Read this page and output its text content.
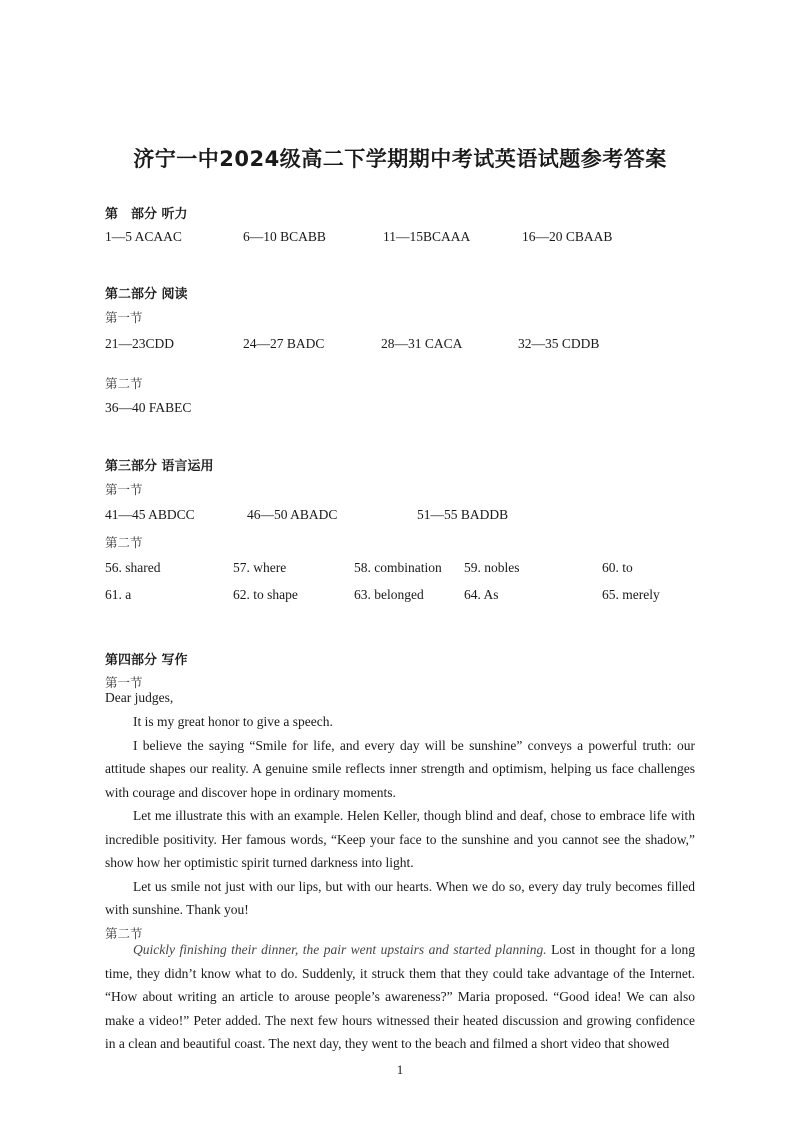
济宁一中2024级高二下学期期中考试英语试题参考答案
第　部分 听力
1—5 ACAAC	6—10 BCABB	11—15BCAAA	16—20 CBAAB
第二部分 阅读
第一节
21—23CDD	24—27 BADC	28—31 CACA	32—35 CDDB
第二节
36—40 FABEC
第三部分 语言运用
第一节
41—45 ABDCC	46—50 ABADC	51—55 BADDB
第二节
56. shared	57. where	58. combination 59. nobles	60. to
61. a	62. to shape	63. belonged	64. As	65. merely
第四部分 写作
第一节
Dear judges,
It is my great honor to give a speech.
I believe the saying “Smile for life, and every day will be sunshine” conveys a powerful truth: our attitude shapes our reality. A genuine smile reflects inner strength and optimism, helping us face challenges with courage and discover hope in ordinary moments.
Let me illustrate this with an example. Helen Keller, though blind and deaf, chose to embrace life with incredible positivity. Her famous words, “Keep your face to the sunshine and you cannot see the shadow,” show how her optimistic spirit turned darkness into light.
Let us smile not just with our lips, but with our hearts. When we do so, every day truly becomes filled with sunshine. Thank you!
第二节
Quickly finishing their dinner, the pair went upstairs and started planning. Lost in thought for a long time, they didn’t know what to do. Suddenly, it struck them that they could take advantage of the Internet. “How about writing an article to arouse people’s awareness?” Maria proposed. “Good idea! We can also make a video!” Peter added. The next few hours witnessed their heated discussion and growing confidence in a clean and beautiful coast. The next day, they went to the beach and filmed a short video that showed
1
